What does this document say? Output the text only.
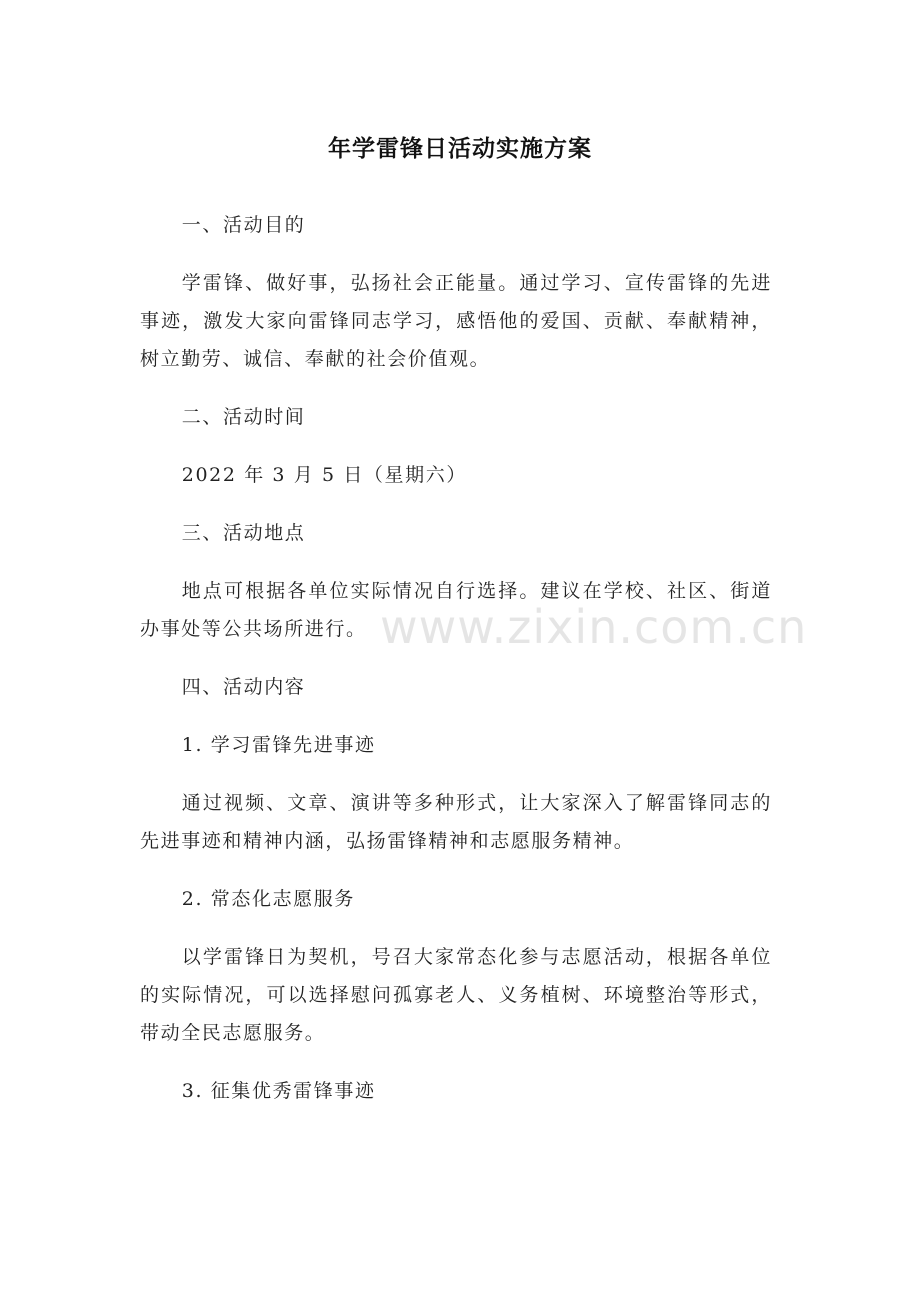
年学雷锋日活动实施方案

一、活动目的

学雷锋、做好事，弘扬社会正能量。通过学习、宣传雷锋的先进事迹，激发大家向雷锋同志学习，感悟他的爱国、贡献、奉献精神，树立勤劳、诚信、奉献的社会价值观。

二、活动时间

2022 年 3 月 5 日（星期六）

三、活动地点

地点可根据各单位实际情况自行选择。建议在学校、社区、街道办事处等公共场所进行。

四、活动内容

1. 学习雷锋先进事迹

通过视频、文章、演讲等多种形式，让大家深入了解雷锋同志的先进事迹和精神内涵，弘扬雷锋精神和志愿服务精神。

2. 常态化志愿服务

以学雷锋日为契机，号召大家常态化参与志愿活动，根据各单位的实际情况，可以选择慰问孤寡老人、义务植树、环境整治等形式，带动全民志愿服务。

3. 征集优秀雷锋事迹

www.zixin.com.cn
